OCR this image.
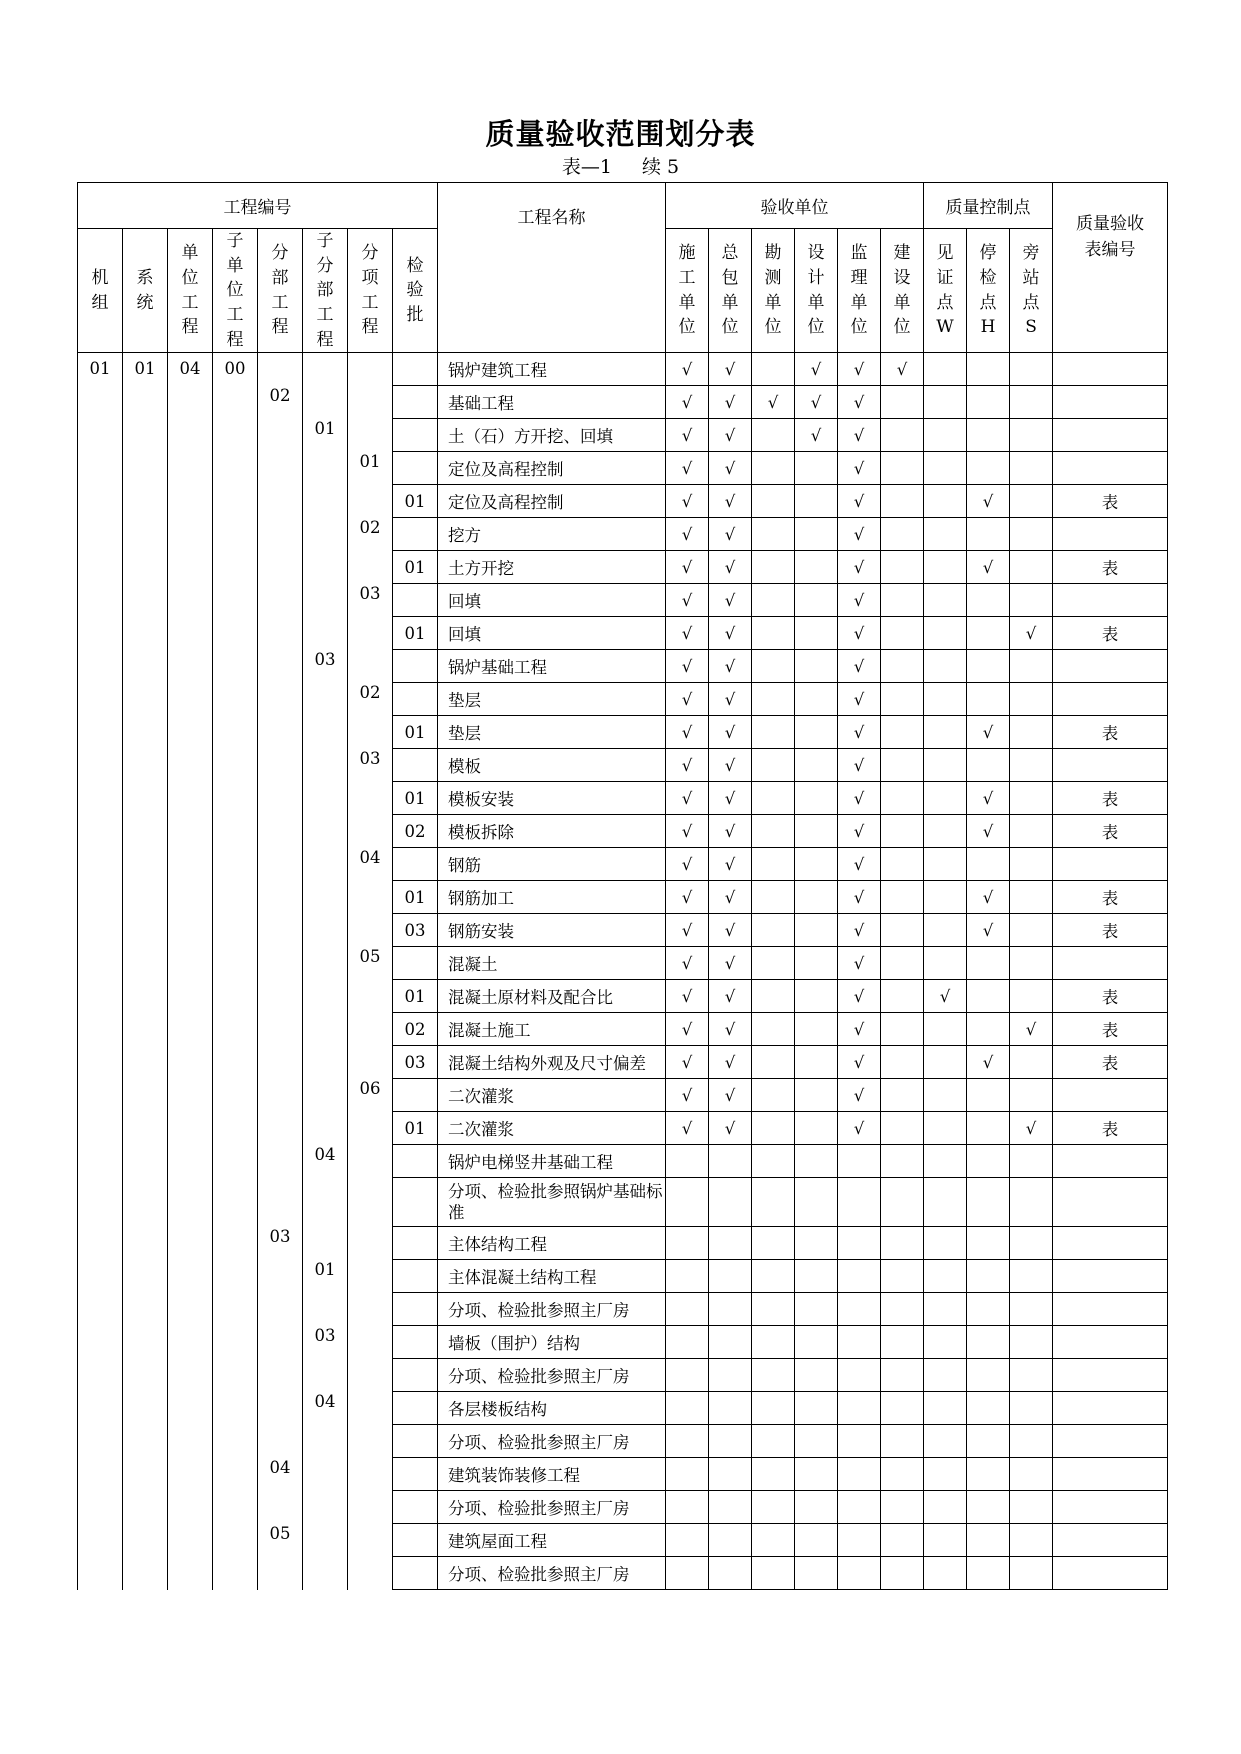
质量验收范围划分表
表—1 续 5
工程编号								工程名称	验收单位						质量控制点			质量验收表编号

机组	系统	单位工程	子单位工程	分部工程	子分部工程	分项工程	检验批		施工单位	总包单位	勘测单位	设计单位	监理单位	建设单位	见证点W	停检点H	旁站点S	

01	01	04	00					锅炉建筑工程	√	√		√	√	√				
				02				基础工程	√	√	√	√	√					
					01			土（石）方开挖、回填	√	√		√	√					
						01		定位及高程控制	√	√			√					
							01	定位及高程控制	√	√			√			√		表
						02		挖方	√	√			√					
							01	土方开挖	√	√			√			√		表
						03		回填	√	√			√					
							01	回填	√	√			√				√	表
					03			锅炉基础工程	√	√			√					
						02		垫层	√	√			√					
							01	垫层	√	√			√			√		表
						03		模板	√	√			√					
							01	模板安装	√	√			√			√		表
							02	模板拆除	√	√			√			√		表
						04		钢筋	√	√			√					
							01	钢筋加工	√	√			√			√		表
							03	钢筋安装	√	√			√			√		表
						05		混凝土	√	√			√					
							01	混凝土原材料及配合比	√	√			√		√			表
							02	混凝土施工	√	√			√				√	表
							03	混凝土结构外观及尺寸偏差	√	√			√			√		表
						06		二次灌浆	√	√			√					
							01	二次灌浆	√	√			√				√	表
					04			锅炉电梯竖井基础工程										
								分项、检验批参照锅炉基础标准										
				03				主体结构工程										
					01			主体混凝土结构工程										
								分项、检验批参照主厂房										
					03			墙板（围护）结构										
								分项、检验批参照主厂房										
					04			各层楼板结构										
								分项、检验批参照主厂房										
				04				建筑装饰装修工程										
								分项、检验批参照主厂房										
				05				建筑屋面工程										
								分项、检验批参照主厂房										
